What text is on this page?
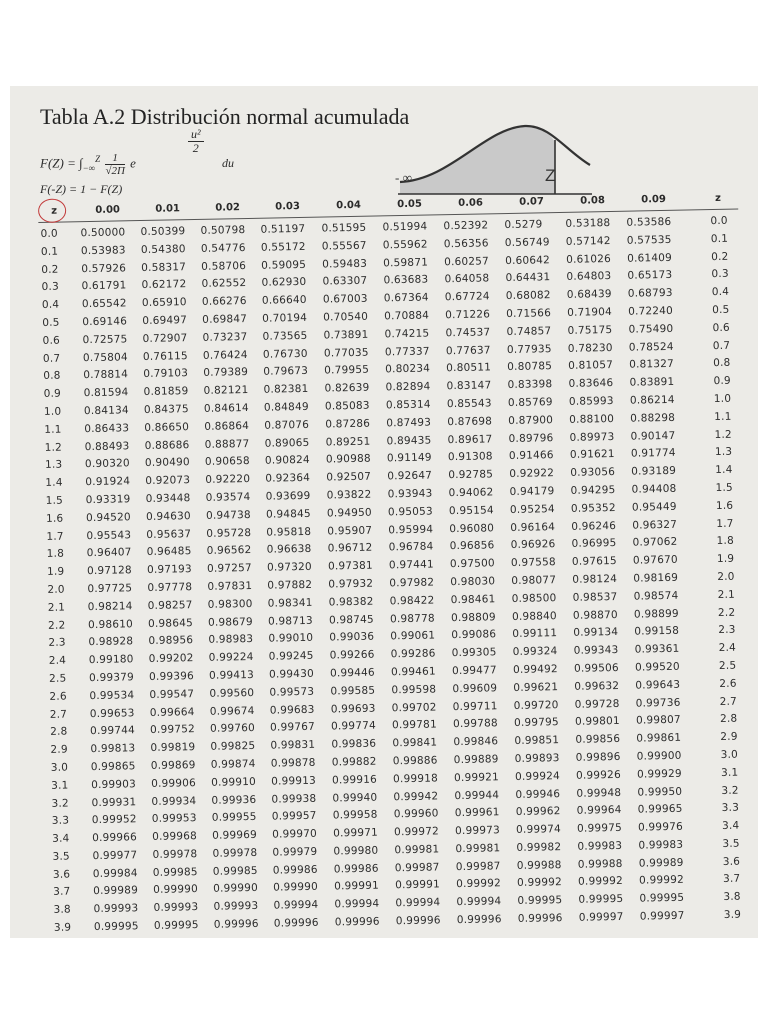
Tabla A.2 Distribución normal acumulada
$F(Z) = \int_{-\infty}^Z \frac{1}{√2\Pi}$ e
$\frac{\text{u²}}{2}$
du
F(-Z) = 1 − F(Z)
- ∞	Z
z
z
0.00	0.01	0.02	0.03	0.04	0.05	0.06	0.07	0.08	0.09
0.0	0.50000 0.50399 0.50798 0.51197 0.51595 0.51994 0.52392 0.5279 0.53188 0.53586	0.0
0.1	0.53983 0.54380 0.54776 0.55172 0.55567 0.55962 0.56356 0.56749 0.57142 0.57535	0.1
0.2	0.57926 0.58317 0.58706 0.59095 0.59483 0.59871 0.60257 0.60642 0.61026 0.61409	0.2
0.3	0.61791 0.62172 0.62552 0.62930 0.63307 0.63683 0.64058 0.64431 0.64803 0.65173	0.3
0.4	0.65542 0.65910 0.66276 0.66640 0.67003 0.67364 0.67724 0.68082 0.68439 0.68793	0.4
0.5	0.69146 0.69497 0.69847 0.70194 0.70540 0.70884 0.71226 0.71566 0.71904 0.72240	0.5
0.6	0.72575 0.72907 0.73237 0.73565 0.73891 0.74215 0.74537 0.74857 0.75175 0.75490	0.6
0.7	0.75804 0.76115 0.76424 0.76730 0.77035 0.77337 0.77637 0.77935 0.78230 0.78524	0.7
0.8	0.78814 0.79103 0.79389 0.79673 0.79955 0.80234 0.80511 0.80785 0.81057 0.81327	0.8
0.9	0.81594 0.81859 0.82121 0.82381 0.82639 0.82894 0.83147 0.83398 0.83646 0.83891	0.9
1.0	0.84134 0.84375 0.84614 0.84849 0.85083 0.85314 0.85543 0.85769 0.85993 0.86214	1.0
1.1	0.86433 0.86650 0.86864 0.87076 0.87286 0.87493 0.87698 0.87900 0.88100 0.88298	1.1
1.2	0.88493 0.88686 0.88877 0.89065 0.89251 0.89435 0.89617 0.89796 0.89973 0.90147	1.2
1.3	0.90320 0.90490 0.90658 0.90824 0.90988 0.91149 0.91308 0.91466 0.91621 0.91774	1.3
1.4	0.91924 0.92073 0.92220 0.92364 0.92507 0.92647 0.92785 0.92922 0.93056 0.93189	1.4
1.5	0.93319 0.93448 0.93574 0.93699 0.93822 0.93943 0.94062 0.94179 0.94295 0.94408	1.5
1.6	0.94520 0.94630 0.94738 0.94845 0.94950 0.95053 0.95154 0.95254 0.95352 0.95449	1.6
1.7	0.95543 0.95637 0.95728 0.95818 0.95907 0.95994 0.96080 0.96164 0.96246 0.96327	1.7
1.8	0.96407 0.96485 0.96562 0.96638 0.96712 0.96784 0.96856 0.96926 0.96995 0.97062	1.8
1.9	0.97128 0.97193 0.97257 0.97320 0.97381 0.97441 0.97500 0.97558 0.97615 0.97670	1.9
2.0	0.97725 0.97778 0.97831 0.97882 0.97932 0.97982 0.98030 0.98077 0.98124 0.98169	2.0
2.1	0.98214 0.98257 0.98300 0.98341 0.98382 0.98422 0.98461 0.98500 0.98537 0.98574	2.1
2.2	0.98610 0.98645 0.98679 0.98713 0.98745 0.98778 0.98809 0.98840 0.98870 0.98899	2.2
2.3	0.98928 0.98956 0.98983 0.99010 0.99036 0.99061 0.99086 0.99111 0.99134 0.99158	2.3
2.4	0.99180 0.99202 0.99224 0.99245 0.99266 0.99286 0.99305 0.99324 0.99343 0.99361	2.4
2.5	0.99379 0.99396 0.99413 0.99430 0.99446 0.99461 0.99477 0.99492 0.99506 0.99520	2.5
2.6	0.99534 0.99547 0.99560 0.99573 0.99585 0.99598 0.99609 0.99621 0.99632 0.99643	2.6
2.7	0.99653 0.99664 0.99674 0.99683 0.99693 0.99702 0.99711 0.99720 0.99728 0.99736	2.7
2.8	0.99744 0.99752 0.99760 0.99767 0.99774 0.99781 0.99788 0.99795 0.99801 0.99807	2.8
2.9	0.99813 0.99819 0.99825 0.99831 0.99836 0.99841 0.99846 0.99851 0.99856 0.99861	2.9
3.0	0.99865 0.99869 0.99874 0.99878 0.99882 0.99886 0.99889 0.99893 0.99896 0.99900	3.0
3.1	0.99903 0.99906 0.99910 0.99913 0.99916 0.99918 0.99921 0.99924 0.99926 0.99929	3.1
3.2	0.99931 0.99934 0.99936 0.99938 0.99940 0.99942 0.99944 0.99946 0.99948 0.99950	3.2
3.3	0.99952 0.99953 0.99955 0.99957 0.99958 0.99960 0.99961 0.99962 0.99964 0.99965	3.3
3.4	0.99966 0.99968 0.99969 0.99970 0.99971 0.99972 0.99973 0.99974 0.99975 0.99976	3.4
3.5	0.99977 0.99978 0.99978 0.99979 0.99980 0.99981 0.99981 0.99982 0.99983 0.99983	3.5
3.6	0.99984 0.99985 0.99985 0.99986 0.99986 0.99987 0.99987 0.99988 0.99988 0.99989	3.6
3.7	0.99989 0.99990 0.99990 0.99990 0.99991 0.99991 0.99992 0.99992 0.99992 0.99992	3.7
3.8	0.99993 0.99993 0.99993 0.99994 0.99994 0.99994 0.99994 0.99995 0.99995 0.99995	3.8
3.9	0.99995 0.99995 0.99996 0.99996 0.99996 0.99996 0.99996 0.99996 0.99997 0.99997	3.9
